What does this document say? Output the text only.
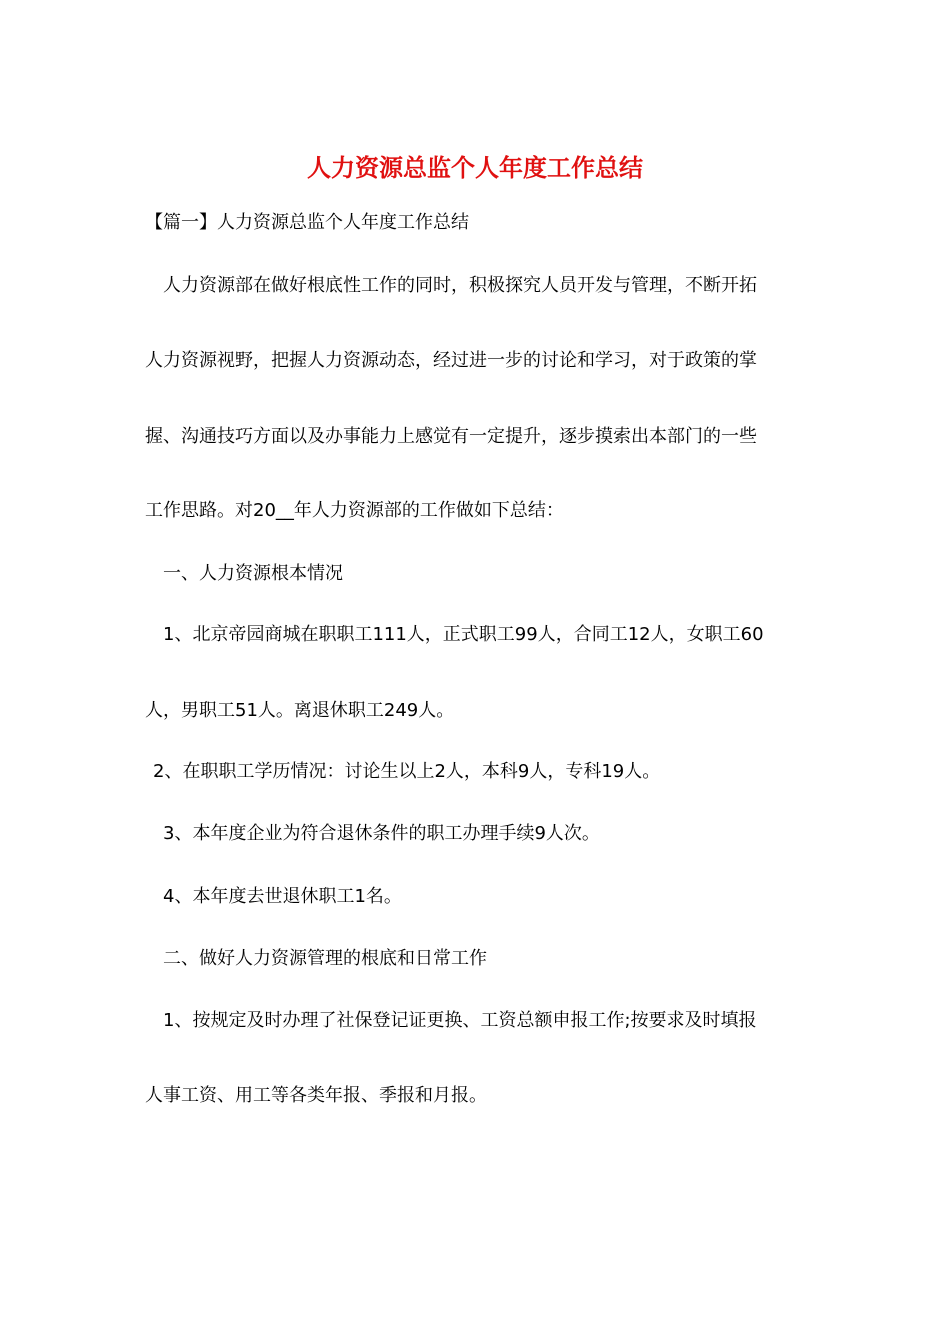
人力资源总监个人年度工作总结
【篇一】人力资源总监个人年度工作总结
人力资源部在做好根底性工作的同时，积极探究人员开发与管理，不断开拓
人力资源视野，把握人力资源动态，经过进一步的讨论和学习，对于政策的掌
握、沟通技巧方面以及办事能力上感觉有一定提升，逐步摸索出本部门的一些
工作思路。对20__年人力资源部的工作做如下总结：
一、人力资源根本情况
1、北京帝园商城在职职工111人，正式职工99人，合同工12人，女职工60
人，男职工51人。离退休职工249人。
2、在职职工学历情况：讨论生以上2人，本科9人，专科19人。
3、本年度企业为符合退休条件的职工办理手续9人次。
4、本年度去世退休职工1名。
二、做好人力资源管理的根底和日常工作
1、按规定及时办理了社保登记证更换、工资总额申报工作;按要求及时填报
人事工资、用工等各类年报、季报和月报。
